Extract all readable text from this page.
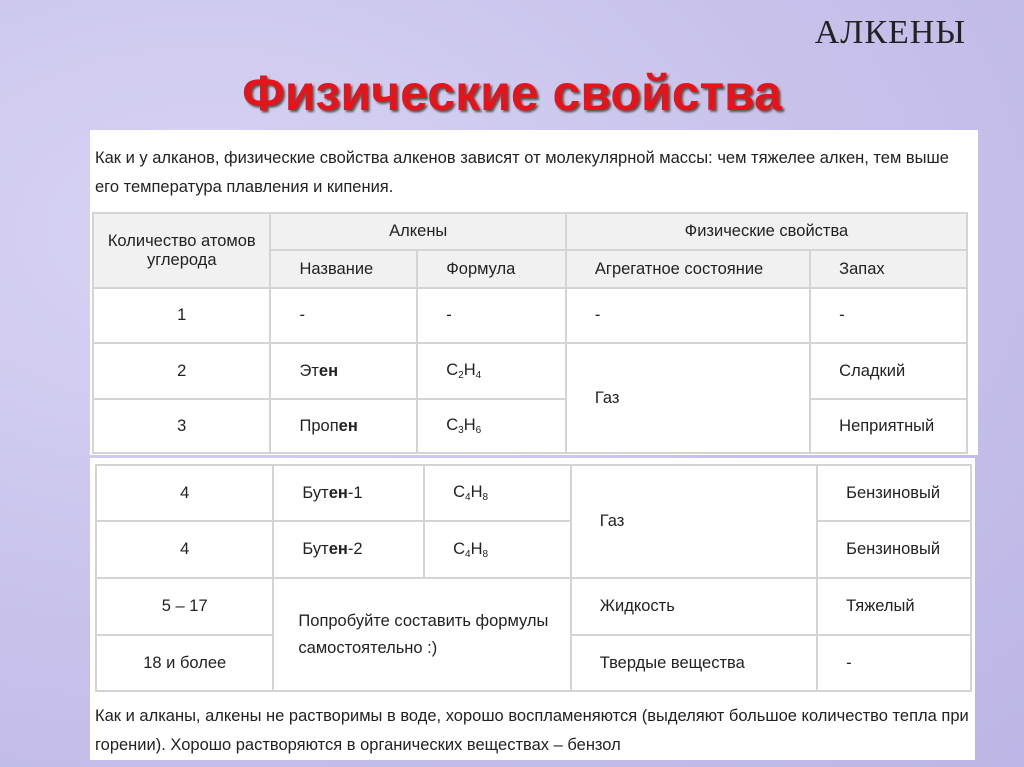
АЛКЕНЫ
Физические свойства
Как и у алканов, физические свойства алкенов зависят от молекулярной массы: чем тяжелее алкен, тем выше его температура плавления и кипения.
Количество атомов углерода	Алкены		Физические свойства	
	Название	Формула	Агрегатное состояние	Запах
1	-	-	-	-
2	Этен	$C_2H_4$	Газ	Сладкий
3	Пропен	$C_3H_6$		Неприятный
4	Бутен-1	$C_4H_8$	Газ	Бензиновый
4	Бутен-2	$C_4H_8$		Бензиновый
5 – 17	Попробуйте составить формулы самостоятельно :)		Жидкость	Тяжелый
18 и более			Твердые вещества	-
Как и алканы, алкены не растворимы в воде, хорошо воспламеняются (выделяют большое количество тепла при горении). Хорошо растворяются в органических веществах – бензол
